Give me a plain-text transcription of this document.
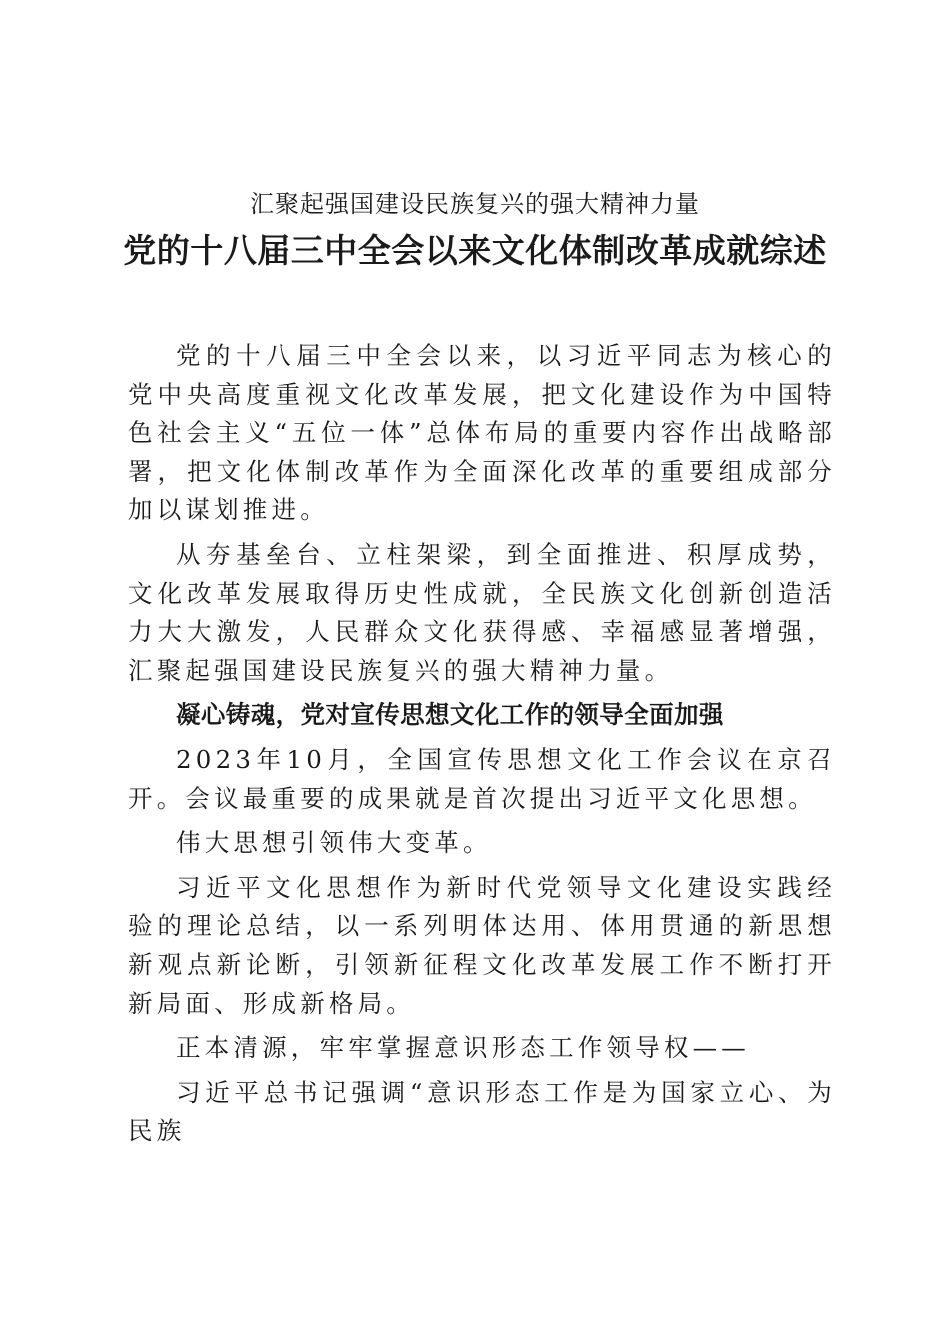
汇聚起强国建设民族复兴的强大精神力量
党的十八届三中全会以来文化体制改革成就综述

党的十八届三中全会以来，以习近平同志为核心的党中央高度重视文化改革发展，把文化建设作为中国特色社会主义“五位一体”总体布局的重要内容作出战略部署，把文化体制改革作为全面深化改革的重要组成部分加以谋划推进。

从夯基垒台、立柱架梁，到全面推进、积厚成势，文化改革发展取得历史性成就，全民族文化创新创造活力大大激发，人民群众文化获得感、幸福感显著增强，汇聚起强国建设民族复兴的强大精神力量。

凝心铸魂，党对宣传思想文化工作的领导全面加强

2023年10月，全国宣传思想文化工作会议在京召开。会议最重要的成果就是首次提出习近平文化思想。

伟大思想引领伟大变革。

习近平文化思想作为新时代党领导文化建设实践经验的理论总结，以一系列明体达用、体用贯通的新思想新观点新论断，引领新征程文化改革发展工作不断打开新局面、形成新格局。

正本清源，牢牢掌握意识形态工作领导权——

习近平总书记强调“意识形态工作是为国家立心、为民族
